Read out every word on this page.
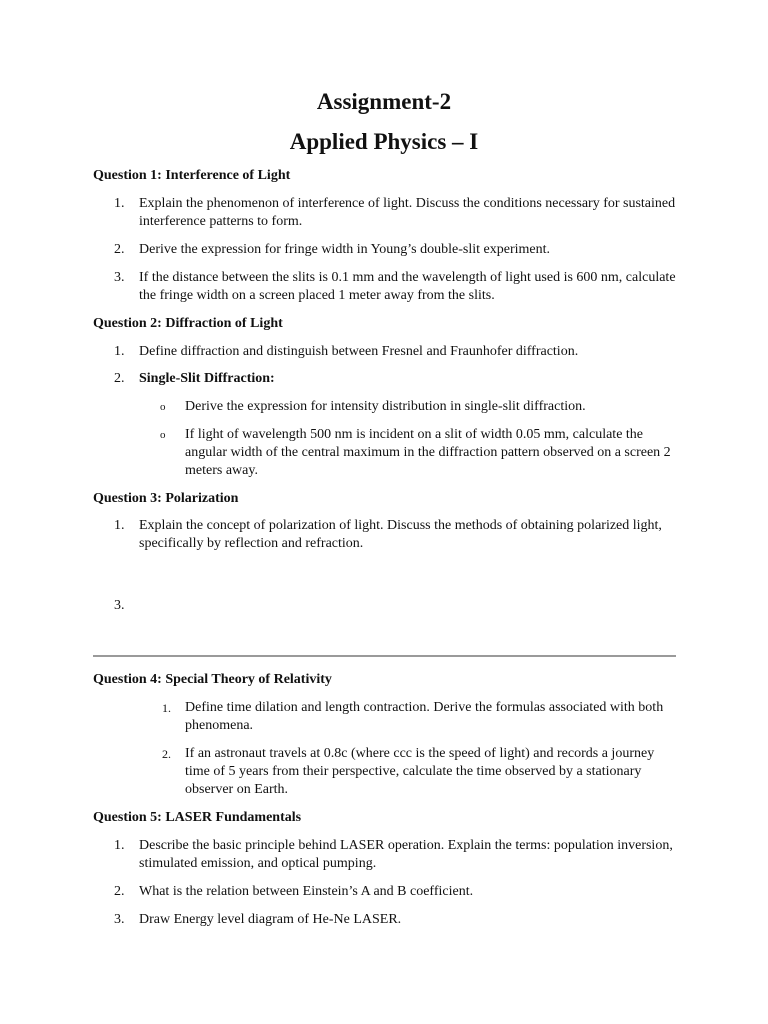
Assignment-2
Applied Physics – I

Question 1: Interference of Light

1.	Explain the phenomenon of interference of light. Discuss the conditions necessary for sustained interference patterns to form.
2.	Derive the expression for fringe width in Young’s double-slit experiment.
3.	If the distance between the slits is 0.1 mm and the wavelength of light used is 600 nm, calculate the fringe width on a screen placed 1 meter away from the slits.

Question 2: Diffraction of Light

1.	Define diffraction and distinguish between Fresnel and Fraunhofer diffraction.
2.	Single-Slit Diffraction:
o Derive the expression for intensity distribution in single-slit diffraction.
o If light of wavelength 500 nm is incident on a slit of width 0.05 mm, calculate the angular width of the central maximum in the diffraction pattern observed on a screen 2 meters away.

Question 3: Polarization

1.	Explain the concept of polarization of light. Discuss the methods of obtaining polarized light, specifically by reflection and refraction.
3.

Question 4: Special Theory of Relativity

1.	Define time dilation and length contraction. Derive the formulas associated with both phenomena.
2.	If an astronaut travels at 0.8c (where ccc is the speed of light) and records a journey time of 5 years from their perspective, calculate the time observed by a stationary observer on Earth.

Question 5: LASER Fundamentals

1.	Describe the basic principle behind LASER operation. Explain the terms: population inversion, stimulated emission, and optical pumping.
2.	What is the relation between Einstein’s A and B coefficient.
3.	Draw Energy level diagram of He-Ne LASER.
